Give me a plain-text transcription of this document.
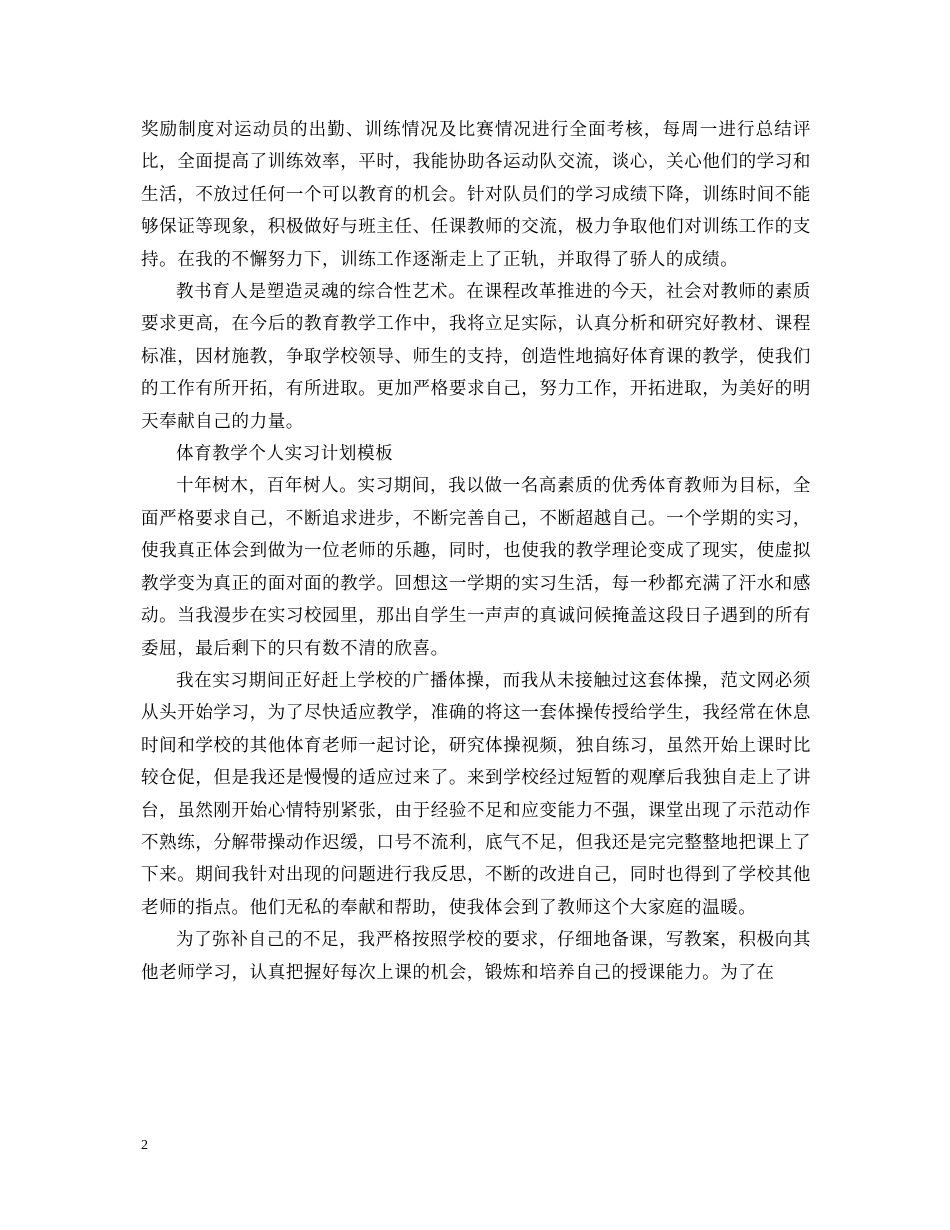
奖励制度对运动员的出勤、训练情况及比赛情况进行全面考核，每周一进行总结评比，全面提高了训练效率，平时，我能协助各运动队交流，谈心，关心他们的学习和生活，不放过任何一个可以教育的机会。针对队员们的学习成绩下降，训练时间不能够保证等现象，积极做好与班主任、任课教师的交流，极力争取他们对训练工作的支持。在我的不懈努力下，训练工作逐渐走上了正轨，并取得了骄人的成绩。

教书育人是塑造灵魂的综合性艺术。在课程改革推进的今天，社会对教师的素质要求更高，在今后的教育教学工作中，我将立足实际，认真分析和研究好教材、课程标准，因材施教，争取学校领导、师生的支持，创造性地搞好体育课的教学，使我们的工作有所开拓，有所进取。更加严格要求自己，努力工作，开拓进取，为美好的明天奉献自己的力量。

体育教学个人实习计划模板

十年树木，百年树人。实习期间，我以做一名高素质的优秀体育教师为目标，全面严格要求自己，不断追求进步，不断完善自己，不断超越自己。一个学期的实习，使我真正体会到做为一位老师的乐趣，同时，也使我的教学理论变成了现实，使虚拟教学变为真正的面对面的教学。回想这一学期的实习生活，每一秒都充满了汗水和感动。当我漫步在实习校园里，那出自学生一声声的真诚问候掩盖这段日子遇到的所有委屈，最后剩下的只有数不清的欣喜。

我在实习期间正好赶上学校的广播体操，而我从未接触过这套体操，范文网必须从头开始学习，为了尽快适应教学，准确的将这一套体操传授给学生，我经常在休息时间和学校的其他体育老师一起讨论，研究体操视频，独自练习，虽然开始上课时比较仓促，但是我还是慢慢的适应过来了。来到学校经过短暂的观摩后我独自走上了讲台，虽然刚开始心情特别紧张，由于经验不足和应变能力不强，课堂出现了示范动作不熟练，分解带操动作迟缓，口号不流利，底气不足，但我还是完完整整地把课上了下来。期间我针对出现的问题进行我反思，不断的改进自己，同时也得到了学校其他老师的指点。他们无私的奉献和帮助，使我体会到了教师这个大家庭的温暖。

为了弥补自己的不足，我严格按照学校的要求，仔细地备课，写教案，积极向其他老师学习，认真把握好每次上课的机会，锻炼和培养自己的授课能力。为了在

2
